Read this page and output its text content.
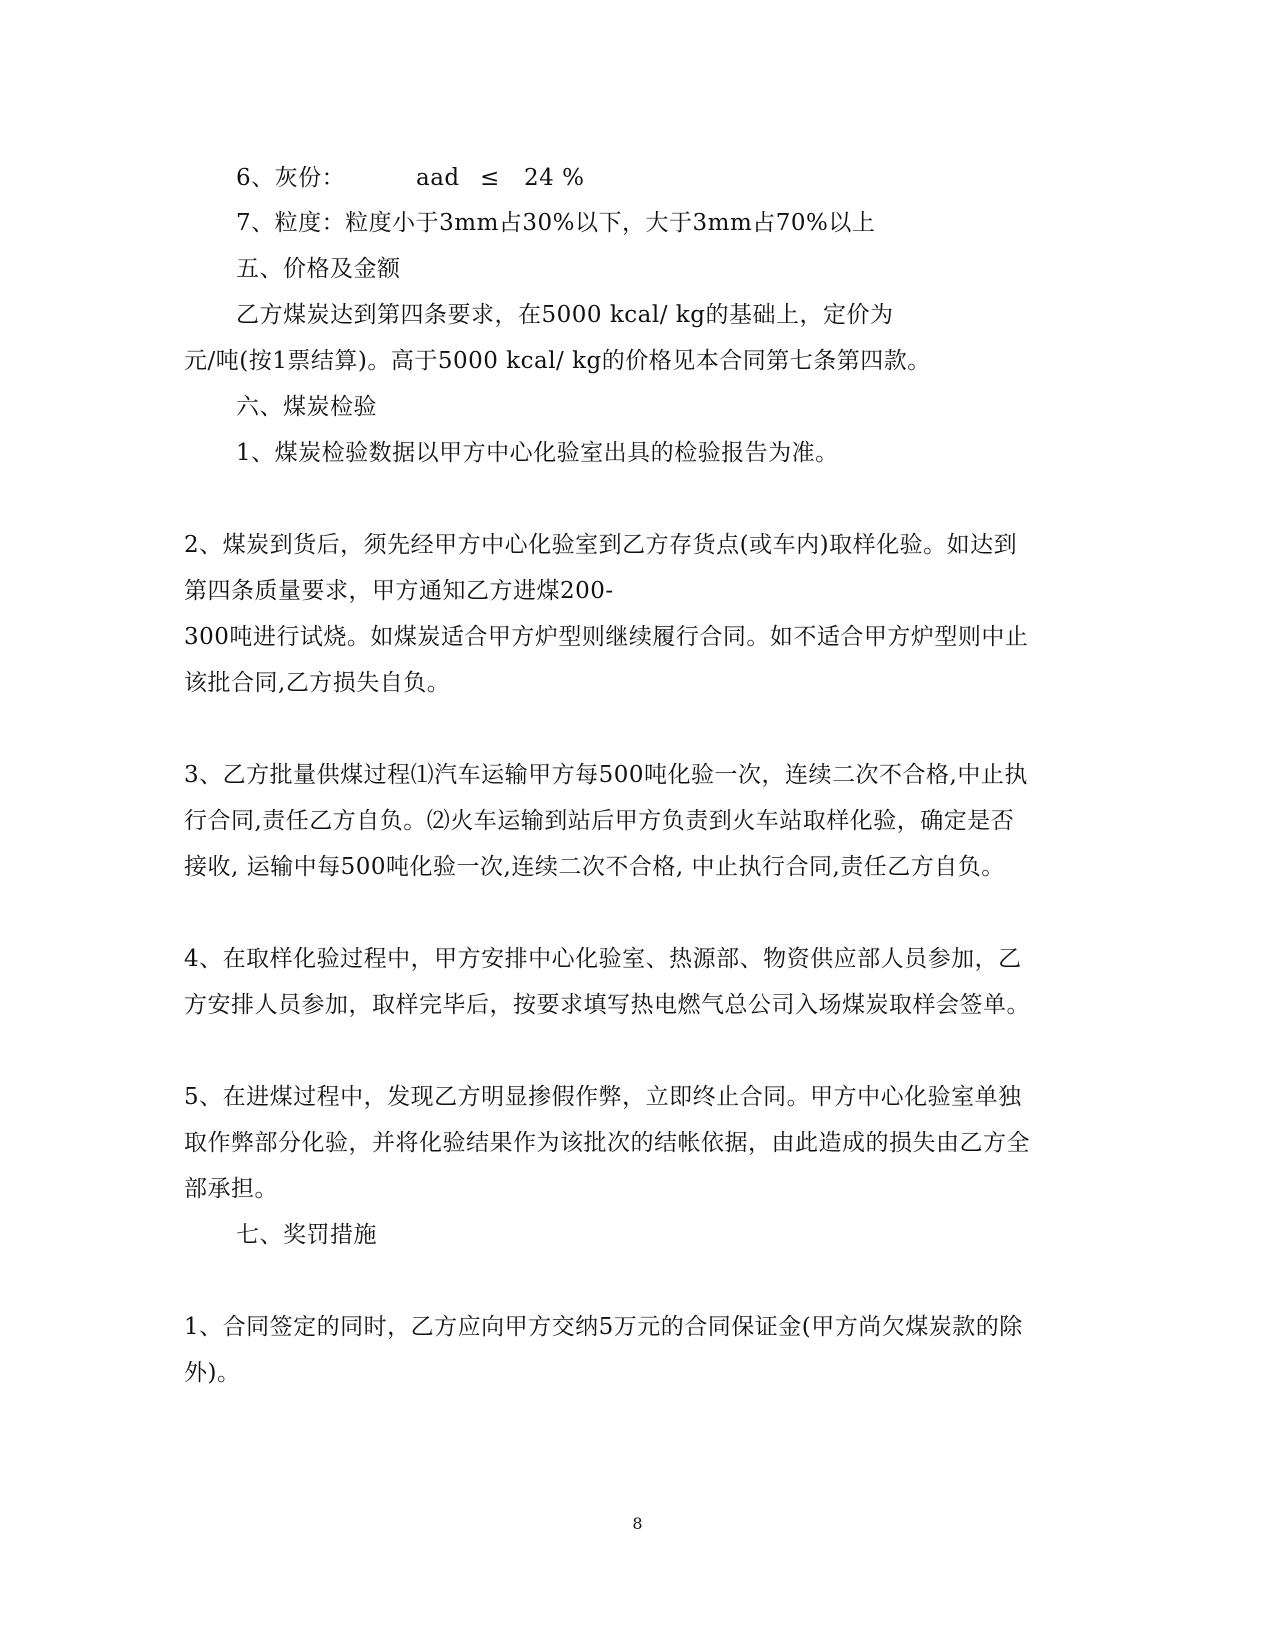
6、灰份：	aad ≤ 24 %
7、粒度：粒度小于3mm占30%以下，大于3mm占70%以上
五、价格及金额
乙方煤炭达到第四条要求，在5000 kcal/ kg的基础上，定价为
元/吨(按1票结算)。高于5000 kcal/ kg的价格见本合同第七条第四款。
六、煤炭检验
1、煤炭检验数据以甲方中心化验室出具的检验报告为准。
2、煤炭到货后，须先经甲方中心化验室到乙方存货点(或车内)取样化验。如达到
第四条质量要求，甲方通知乙方进煤200-
300吨进行试烧。如煤炭适合甲方炉型则继续履行合同。如不适合甲方炉型则中止
该批合同,乙方损失自负。
3、乙方批量供煤过程⑴汽车运输甲方每500吨化验一次，连续二次不合格,中止执
行合同,责任乙方自负。⑵火车运输到站后甲方负责到火车站取样化验，确定是否
接收, 运输中每500吨化验一次,连续二次不合格, 中止执行合同,责任乙方自负。
4、在取样化验过程中，甲方安排中心化验室、热源部、物资供应部人员参加，乙
方安排人员参加，取样完毕后，按要求填写热电燃气总公司入场煤炭取样会签单。
5、在进煤过程中，发现乙方明显掺假作弊，立即终止合同。甲方中心化验室单独
取作弊部分化验，并将化验结果作为该批次的结帐依据，由此造成的损失由乙方全
部承担。
七、奖罚措施
1、合同签定的同时，乙方应向甲方交纳5万元的合同保证金(甲方尚欠煤炭款的除
外)。
8
